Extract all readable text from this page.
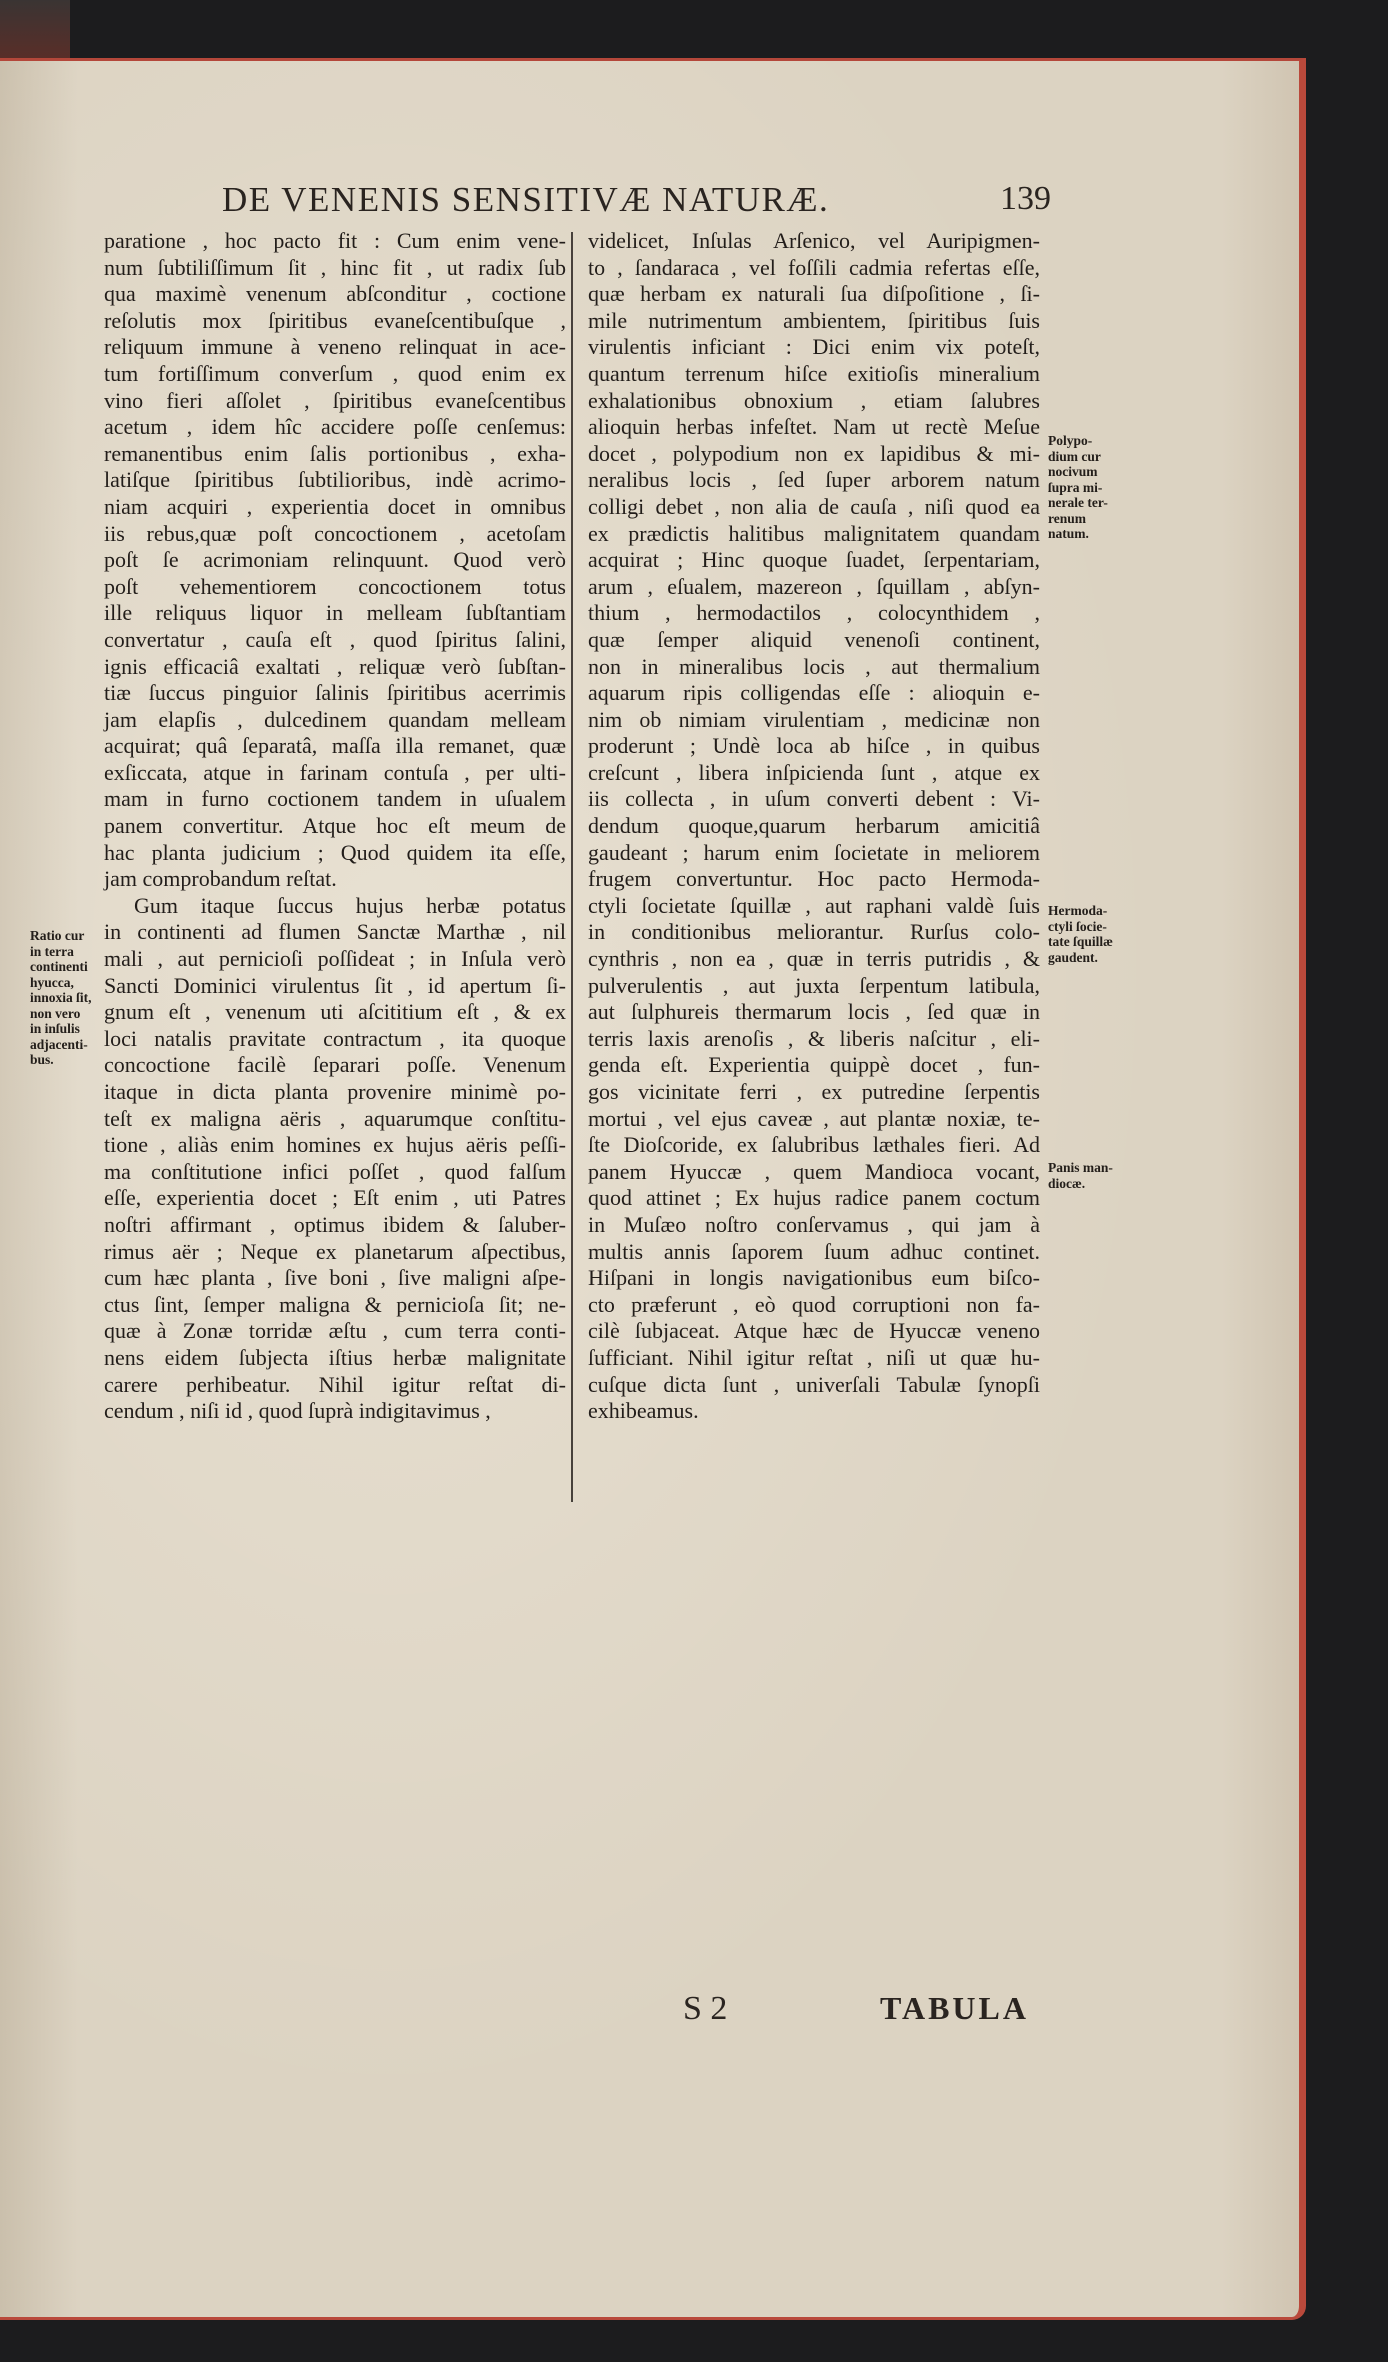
DE VENENIS SENSITIVÆ NATURÆ.	139
paratione , hoc pacto fit : Cum enim vene-
num ſubtiliſſimum ſit , hinc fit , ut radix ſub
qua maximè venenum abſconditur , coctione
reſolutis mox ſpiritibus evaneſcentibuſque ,
reliquum immune à veneno relinquat in ace-
tum fortiſſimum converſum , quod enim ex
vino fieri aſſolet , ſpiritibus evaneſcentibus
acetum , idem hîc accidere poſſe cenſemus:
remanentibus enim ſalis portionibus , exha-
latiſque ſpiritibus ſubtilioribus, indè acrimo-
niam acquiri , experientia docet in omnibus
iis rebus,quæ poſt concoctionem , acetoſam
poſt ſe acrimoniam relinquunt. Quod verò
poſt vehementiorem concoctionem totus
ille reliquus liquor in melleam ſubſtantiam
convertatur , cauſa eſt , quod ſpiritus ſalini,
ignis efficaciâ exaltati , reliquæ verò ſubſtan-
tiæ ſuccus pinguior ſalinis ſpiritibus acerrimis
jam elapſis , dulcedinem quandam melleam
acquirat; quâ ſeparatâ, maſſa illa remanet, quæ
exſiccata, atque in farinam contuſa , per ulti-
mam in furno coctionem tandem in uſualem
panem convertitur. Atque hoc eſt meum de
hac planta judicium ; Quod quidem ita eſſe,
jam comprobandum reſtat.
Gum itaque ſuccus hujus herbæ potatus
in continenti ad flumen Sanctæ Marthæ , nil
mali , aut pernicioſi poſſideat ; in Inſula verò
Sancti Dominici virulentus ſit , id apertum ſi-
gnum eſt , venenum uti aſcititium eſt , & ex
loci natalis pravitate contractum , ita quoque
concoctione facilè ſeparari poſſe. Venenum
itaque in dicta planta provenire minimè po-
teſt ex maligna aëris , aquarumque conſtitu-
tione , aliàs enim homines ex hujus aëris peſſi-
ma conſtitutione infici poſſet , quod falſum
eſſe, experientia docet ; Eſt enim , uti Patres
noſtri affirmant , optimus ibidem & ſaluber-
rimus aër ; Neque ex planetarum aſpectibus,
cum hæc planta , ſive boni , ſive maligni aſpe-
ctus ſint, ſemper maligna & pernicioſa ſit; ne-
quæ à Zonæ torridæ æſtu , cum terra conti-
nens eidem ſubjecta iſtius herbæ malignitate
carere perhibeatur. Nihil igitur reſtat di-
cendum , niſi id , quod ſuprà indigitavimus ,
videlicet, Inſulas Arſenico, vel Auripigmen-
to , ſandaraca , vel foſſili cadmia refertas eſſe,
quæ herbam ex naturali ſua diſpoſitione , ſi-
mile nutrimentum ambientem, ſpiritibus ſuis
virulentis inficiant : Dici enim vix poteſt,
quantum terrenum hiſce exitioſis mineralium
exhalationibus obnoxium , etiam ſalubres
alioquin herbas infeſtet. Nam ut rectè Meſue
docet , polypodium non ex lapidibus & mi-
neralibus locis , ſed ſuper arborem natum
colligi debet , non alia de cauſa , niſi quod ea
ex prædictis halitibus malignitatem quandam
acquirat ; Hinc quoque ſuadet, ſerpentariam,
arum , eſualem, mazereon , ſquillam , abſyn-
thium , hermodactilos , colocynthidem ,
quæ ſemper aliquid venenoſi continent,
non in mineralibus locis , aut thermalium
aquarum ripis colligendas eſſe : alioquin e-
nim ob nimiam virulentiam , medicinæ non
proderunt ; Undè loca ab hiſce , in quibus
creſcunt , libera inſpicienda ſunt , atque ex
iis collecta , in uſum converti debent : Vi-
dendum quoque,quarum herbarum amicitiâ
gaudeant ; harum enim ſocietate in meliorem
frugem convertuntur. Hoc pacto Hermoda-
ctyli ſocietate ſquillæ , aut raphani valdè ſuis
in conditionibus meliorantur. Rurſus colo-
cynthris , non ea , quæ in terris putridis , &
pulverulentis , aut juxta ſerpentum latibula,
aut ſulphureis thermarum locis , ſed quæ in
terris laxis arenoſis , & liberis naſcitur , eli-
genda eſt. Experientia quippè docet , fun-
gos vicinitate ferri , ex putredine ſerpentis
mortui , vel ejus caveæ , aut plantæ noxiæ, te-
ſte Dioſcoride, ex ſalubribus læthales fieri. Ad
panem Hyuccæ , quem Mandioca vocant,
quod attinet ; Ex hujus radice panem coctum
in Muſæo noſtro conſervamus , qui jam à
multis annis ſaporem ſuum adhuc continet.
Hiſpani in longis navigationibus eum biſco-
cto præferunt , eò quod corruptioni non fa-
cilè ſubjaceat. Atque hæc de Hyuccæ veneno
ſufficiant. Nihil igitur reſtat , niſi ut quæ hu-
cuſque dicta ſunt , univerſali Tabulæ ſynopſi
exhibeamus.
Ratio cur
in terra
continenti
hyucca,
innoxia ſit,
non vero
in inſulis
adjacenti-
bus.
Polypo-
dium cur
nocivum
ſupra mi-
nerale ter-
renum
natum.
Hermoda-
ctyli ſocie-
tate ſquillæ
gaudent.
Panis man-
diocæ.
S 2	TABULA
